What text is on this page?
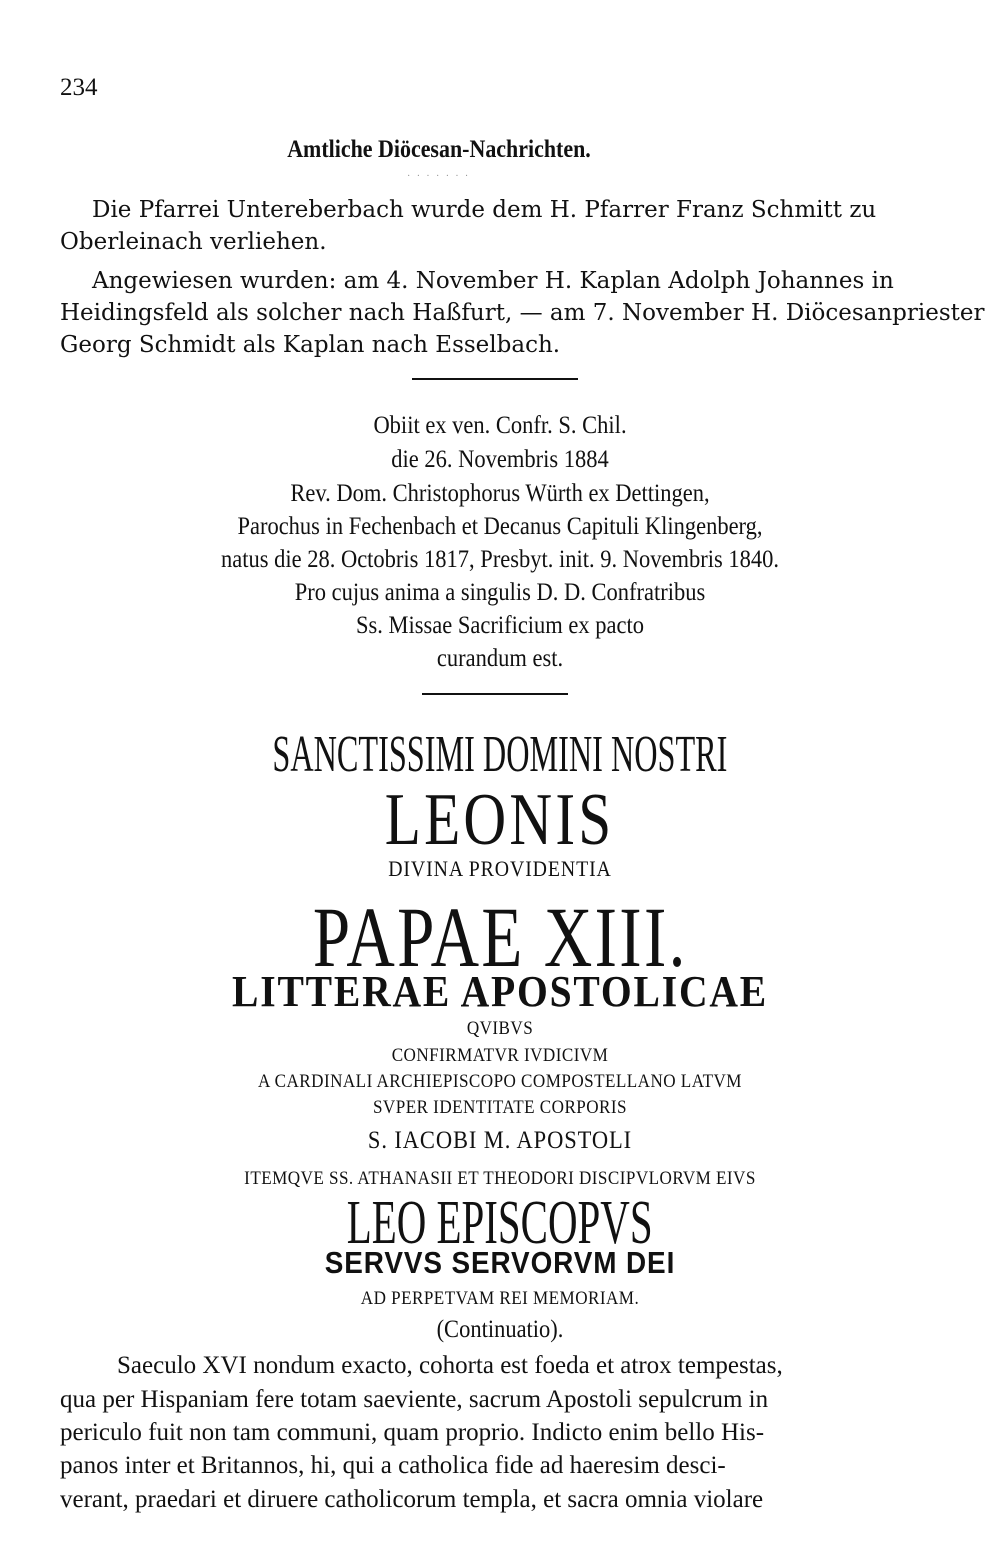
234
Amtliche Diöcesan-Nachrichten.
. . . . . . .
Die Pfarrei Untereberbach wurde dem H. Pfarrer Franz Schmitt zu
Oberleinach verliehen.
Angewiesen wurden: am 4. November H. Kaplan Adolph Johannes in
Heidingsfeld als solcher nach Haßfurt, — am 7. November H. Diöcesanpriester
Georg Schmidt als Kaplan nach Esselbach.
Obiit ex ven. Confr. S. Chil.
die 26. Novembris 1884
Rev. Dom. Christophorus Würth ex Dettingen,
Parochus in Fechenbach et Decanus Capituli Klingenberg,
natus die 28. Octobris 1817, Presbyt. init. 9. Novembris 1840.
Pro cujus anima a singulis D. D. Confratribus
Ss. Missae Sacrificium ex pacto
curandum est.
SANCTISSIMI DOMINI NOSTRI
LEONIS
DIVINA PROVIDENTIA
PAPAE XIII.
LITTERAE APOSTOLICAE
QVIBVS
CONFIRMATVR IVDICIVM
A CARDINALI ARCHIEPISCOPO COMPOSTELLANO LATVM
SVPER IDENTITATE CORPORIS
S. IACOBI M. APOSTOLI
ITEMQVE SS. ATHANASII ET THEODORI DISCIPVLORVM EIVS
LEO EPISCOPVS
SERVVS SERVORVM DEI
AD PERPETVAM REI MEMORIAM.
(Continuatio).
Saeculo XVI nondum exacto, cohorta est foeda et atrox tempestas,
qua per Hispaniam fere totam saeviente, sacrum Apostoli sepulcrum in
periculo fuit non tam communi, quam proprio. Indicto enim bello His-
panos inter et Britannos, hi, qui a catholica fide ad haeresim desci-
verant, praedari et diruere catholicorum templa, et sacra omnia violare
